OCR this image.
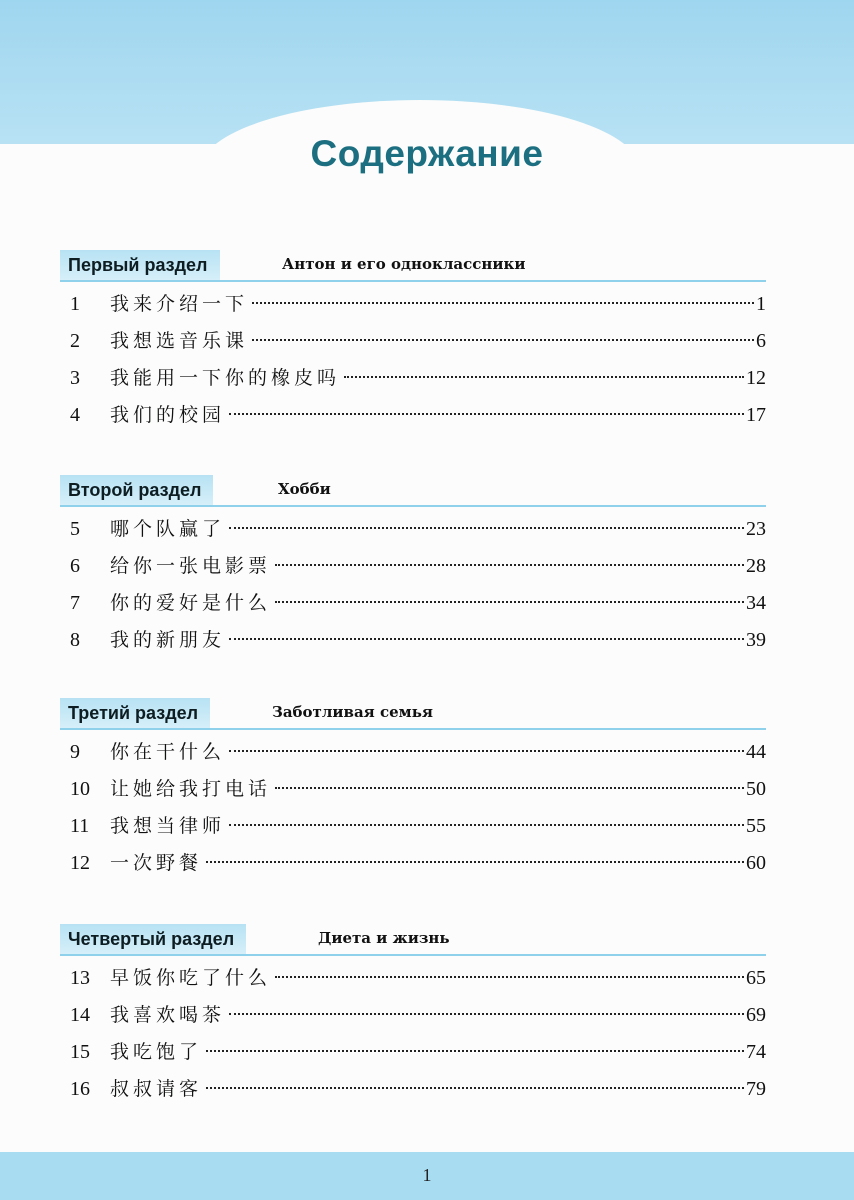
Содержание
Первый раздел	Антон и его одноклассники
1	我来介绍一下	1
2	我想选音乐课	6
3	我能用一下你的橡皮吗	12
4	我们的校园	17
Второй раздел	Хобби
5	哪个队赢了	23
6	给你一张电影票	28
7	你的爱好是什么	34
8	我的新朋友	39
Третий раздел	Заботливая семья
9	你在干什么	44
10	让她给我打电话	50
11	我想当律师	55
12	一次野餐	60
Четвертый раздел	Диета и жизнь
13	早饭你吃了什么	65
14	我喜欢喝茶	69
15	我吃饱了	74
16	叔叔请客	79
1
